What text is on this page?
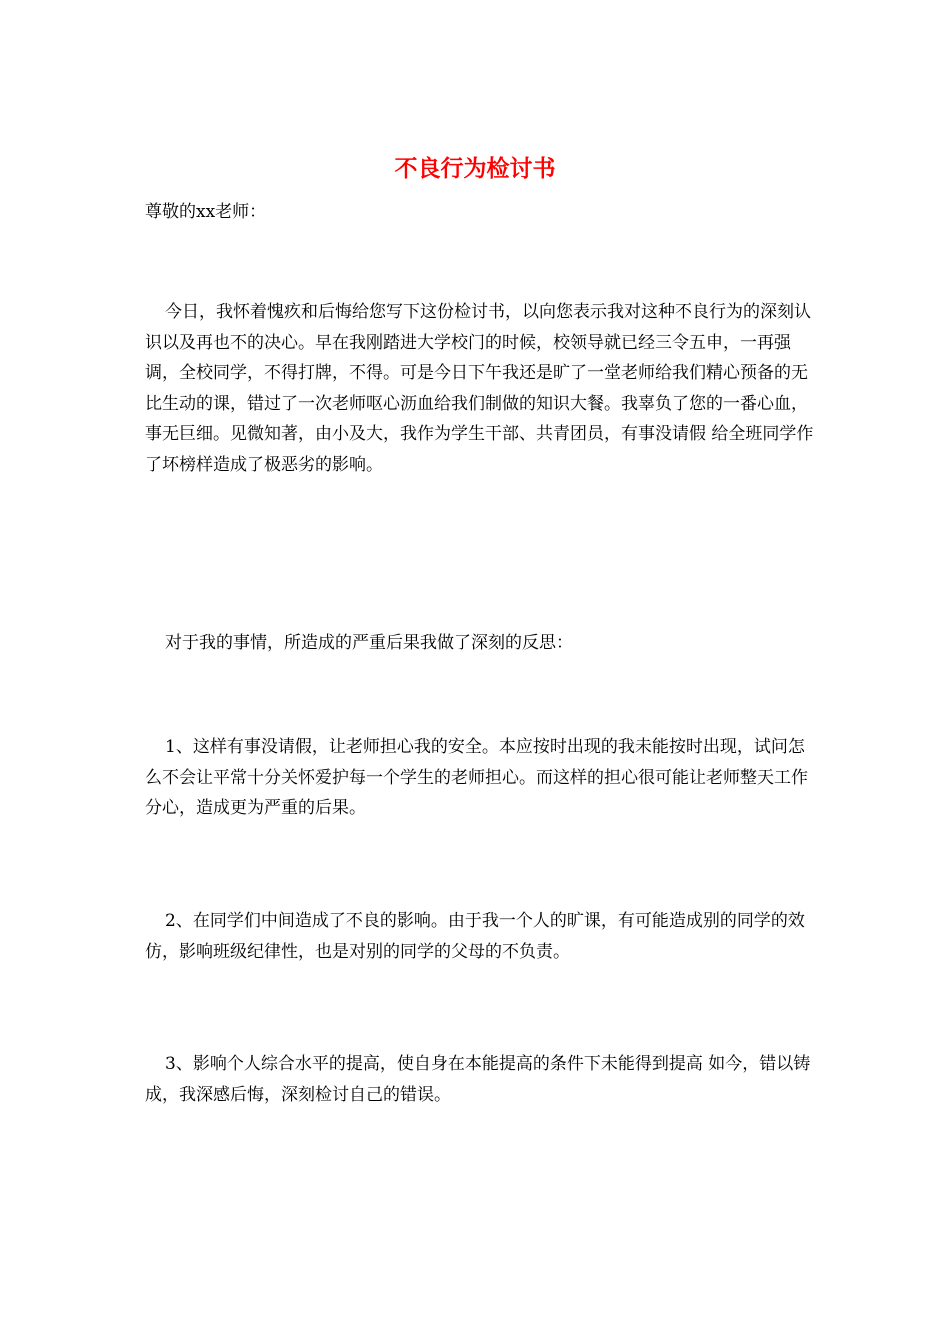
不良行为检讨书

尊敬的xx老师：

今日，我怀着愧疚和后悔给您写下这份检讨书，以向您表示我对这种不良行为的深刻认识以及再也不的决心。早在我刚踏进大学校门的时候，校领导就已经三令五申，一再强调，全校同学，不得打牌，不得。可是今日下午我还是旷了一堂老师给我们精心预备的无比生动的课，错过了一次老师呕心沥血给我们制做的知识大餐。我辜负了您的一番心血，事无巨细。见微知著，由小及大，我作为学生干部、共青团员，有事没请假 给全班同学作了坏榜样造成了极恶劣的影响。

对于我的事情，所造成的严重后果我做了深刻的反思：

1、这样有事没请假，让老师担心我的安全。本应按时出现的我未能按时出现，试问怎么不会让平常十分关怀爱护每一个学生的老师担心。而这样的担心很可能让老师整天工作分心，造成更为严重的后果。

2、在同学们中间造成了不良的影响。由于我一个人的旷课，有可能造成别的同学的效仿，影响班级纪律性，也是对别的同学的父母的不负责。

3、影响个人综合水平的提高，使自身在本能提高的条件下未能得到提高 如今，错以铸成，我深感后悔，深刻检讨自己的错误。
